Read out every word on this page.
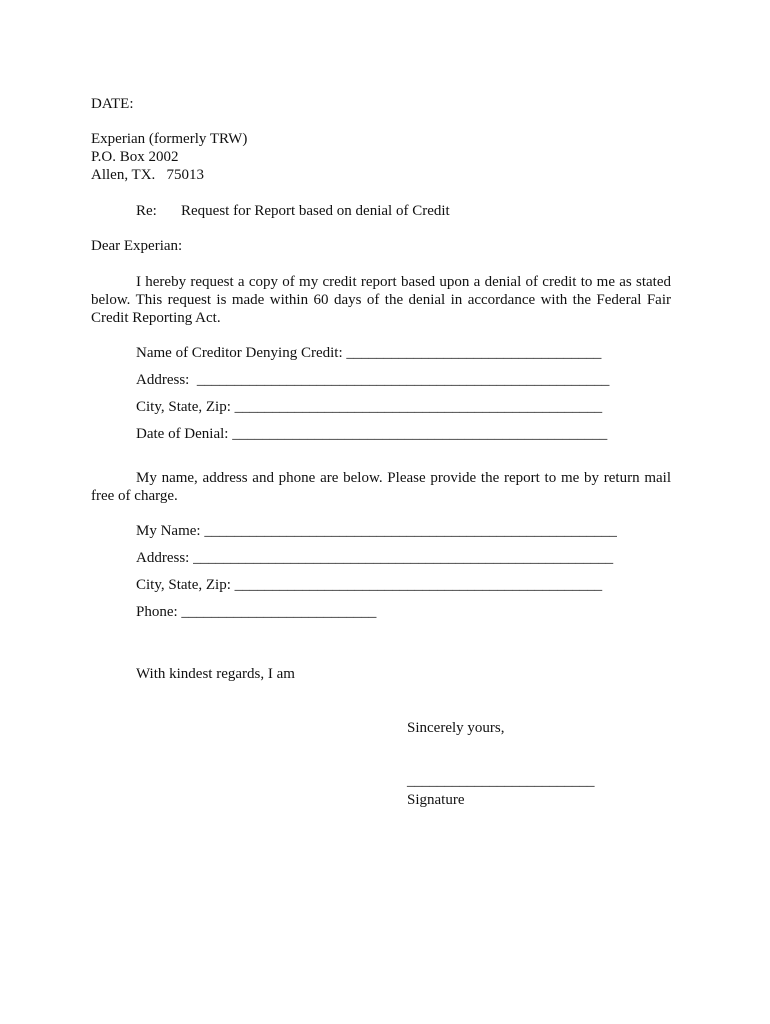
DATE:
Experian (formerly TRW)
P.O. Box 2002
Allen, TX.   75013
Re: Request for Report based on denial of Credit
Dear Experian:
I hereby request a copy of my credit report based upon a denial of credit to me as stated below. This request is made within 60 days of the denial in accordance with the Federal Fair Credit Reporting Act.
Name of Creditor Denying Credit: __________________________________
Address:  _______________________________________________________
City, State, Zip: _________________________________________________
Date of Denial: __________________________________________________
My name, address and phone are below. Please provide the report to me by return mail free of charge.
My Name: _______________________________________________________
Address: ________________________________________________________
City, State, Zip: _________________________________________________
Phone: __________________________
With kindest regards, I am
Sincerely yours,
_________________________
Signature
